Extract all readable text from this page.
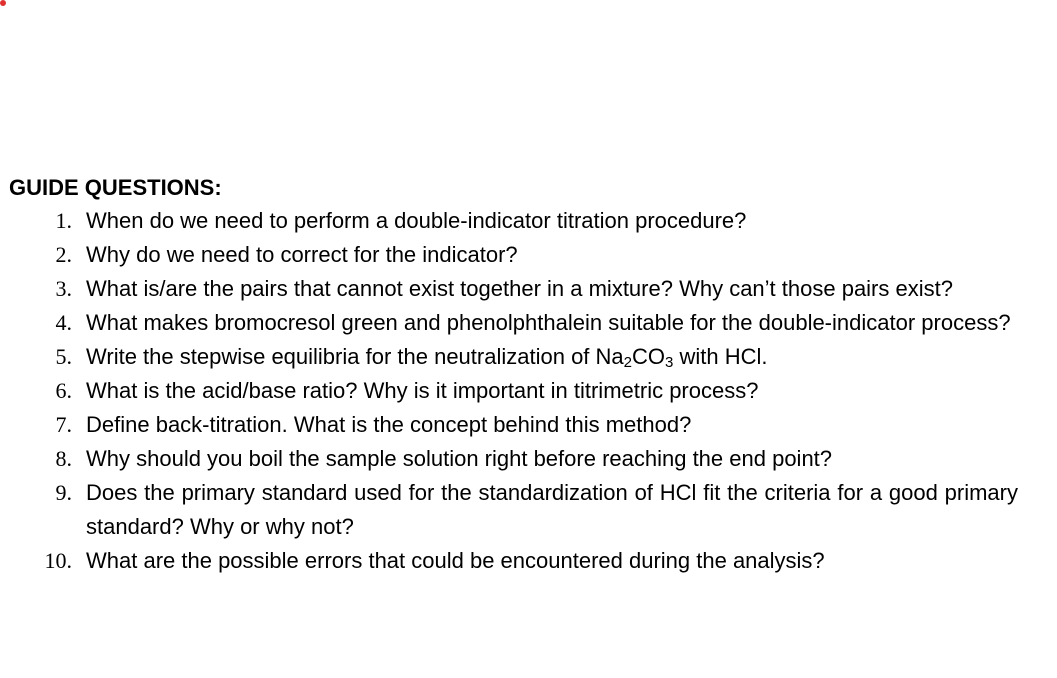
GUIDE QUESTIONS:
1. When do we need to perform a double-indicator titration procedure?
2. Why do we need to correct for the indicator?
3. What is/are the pairs that cannot exist together in a mixture? Why can’t those pairs exist?
4. What makes bromocresol green and phenolphthalein suitable for the double-indicator process?
5. Write the stepwise equilibria for the neutralization of $Na_2CO_3$ with HCl.
6. What is the acid/base ratio? Why is it important in titrimetric process?
7. Define back-titration. What is the concept behind this method?
8. Why should you boil the sample solution right before reaching the end point?
9. Does the primary standard used for the standardization of HCl fit the criteria for a good primary standard? Why or why not?
10. What are the possible errors that could be encountered during the analysis?
